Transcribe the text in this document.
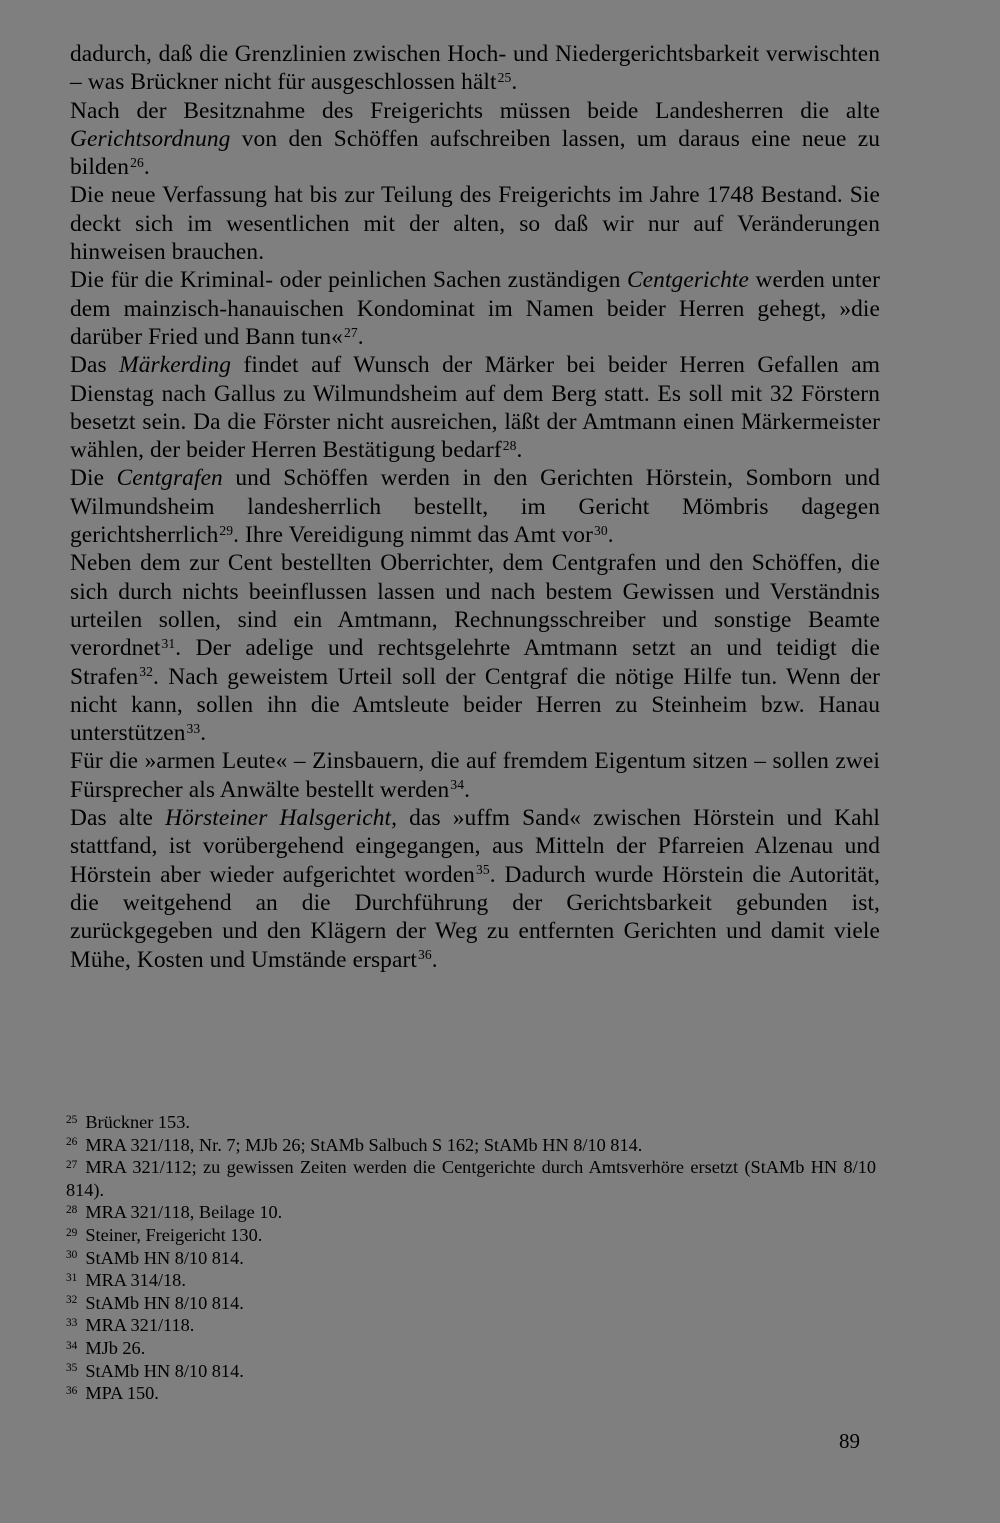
dadurch, daß die Grenzlinien zwischen Hoch- und Niedergerichtsbarkeit verwischten – was Brückner nicht für ausgeschlossen hält$^{25}$.

Nach der Besitznahme des Freigerichts müssen beide Landesherren die alte Gerichtsordnung von den Schöffen aufschreiben lassen, um daraus eine neue zu bilden$^{26}$.

Die neue Verfassung hat bis zur Teilung des Freigerichts im Jahre 1748 Bestand. Sie deckt sich im wesentlichen mit der alten, so daß wir nur auf Veränderungen hinweisen brauchen.

Die für die Kriminal- oder peinlichen Sachen zuständigen Centgerichte werden unter dem mainzisch-hanauischen Kondominat im Namen beider Herren gehegt, »die darüber Fried und Bann tun«$^{27}$.

Das Märkerding findet auf Wunsch der Märker bei beider Herren Gefallen am Dienstag nach Gallus zu Wilmundsheim auf dem Berg statt. Es soll mit 32 Förstern besetzt sein. Da die Förster nicht ausreichen, läßt der Amtmann einen Märkermeister wählen, der beider Herren Bestätigung bedarf$^{28}$.

Die Centgrafen und Schöffen werden in den Gerichten Hörstein, Somborn und Wilmundsheim landesherrlich bestellt, im Gericht Mömbris dagegen gerichtsherrlich$^{29}$. Ihre Vereidigung nimmt das Amt vor$^{30}$.

Neben dem zur Cent bestellten Oberrichter, dem Centgrafen und den Schöffen, die sich durch nichts beeinflussen lassen und nach bestem Gewissen und Verständnis urteilen sollen, sind ein Amtmann, Rechnungsschreiber und sonstige Beamte verordnet$^{31}$. Der adelige und rechtsgelehrte Amtmann setzt an und teidigt die Strafen$^{32}$. Nach geweistem Urteil soll der Centgraf die nötige Hilfe tun. Wenn der nicht kann, sollen ihn die Amtsleute beider Herren zu Steinheim bzw. Hanau unterstützen$^{33}$.

Für die »armen Leute« – Zinsbauern, die auf fremdem Eigentum sitzen – sollen zwei Fürsprecher als Anwälte bestellt werden$^{34}$.

Das alte Hörsteiner Halsgericht, das »uffm Sand« zwischen Hörstein und Kahl stattfand, ist vorübergehend eingegangen, aus Mitteln der Pfarreien Alzenau und Hörstein aber wieder aufgerichtet worden$^{35}$. Dadurch wurde Hörstein die Autorität, die weitgehend an die Durchführung der Gerichtsbarkeit gebunden ist, zurückgegeben und den Klägern der Weg zu entfernten Gerichten und damit viele Mühe, Kosten und Umstände erspart$^{36}$.

25 Brückner 153.

26 MRA 321/118, Nr. 7; MJb 26; StAMb Salbuch S 162; StAMb HN 8/10 814.

27 MRA 321/112; zu gewissen Zeiten werden die Centgerichte durch Amtsverhöre ersetzt (StAMb HN 8/10 814).

28 MRA 321/118, Beilage 10.

29 Steiner, Freigericht 130.

30 StAMb HN 8/10 814.

31 MRA 314/18.

32 StAMb HN 8/10 814.

33 MRA 321/118.

34 MJb 26.

35 StAMb HN 8/10 814.

36 MPA 150.

89
